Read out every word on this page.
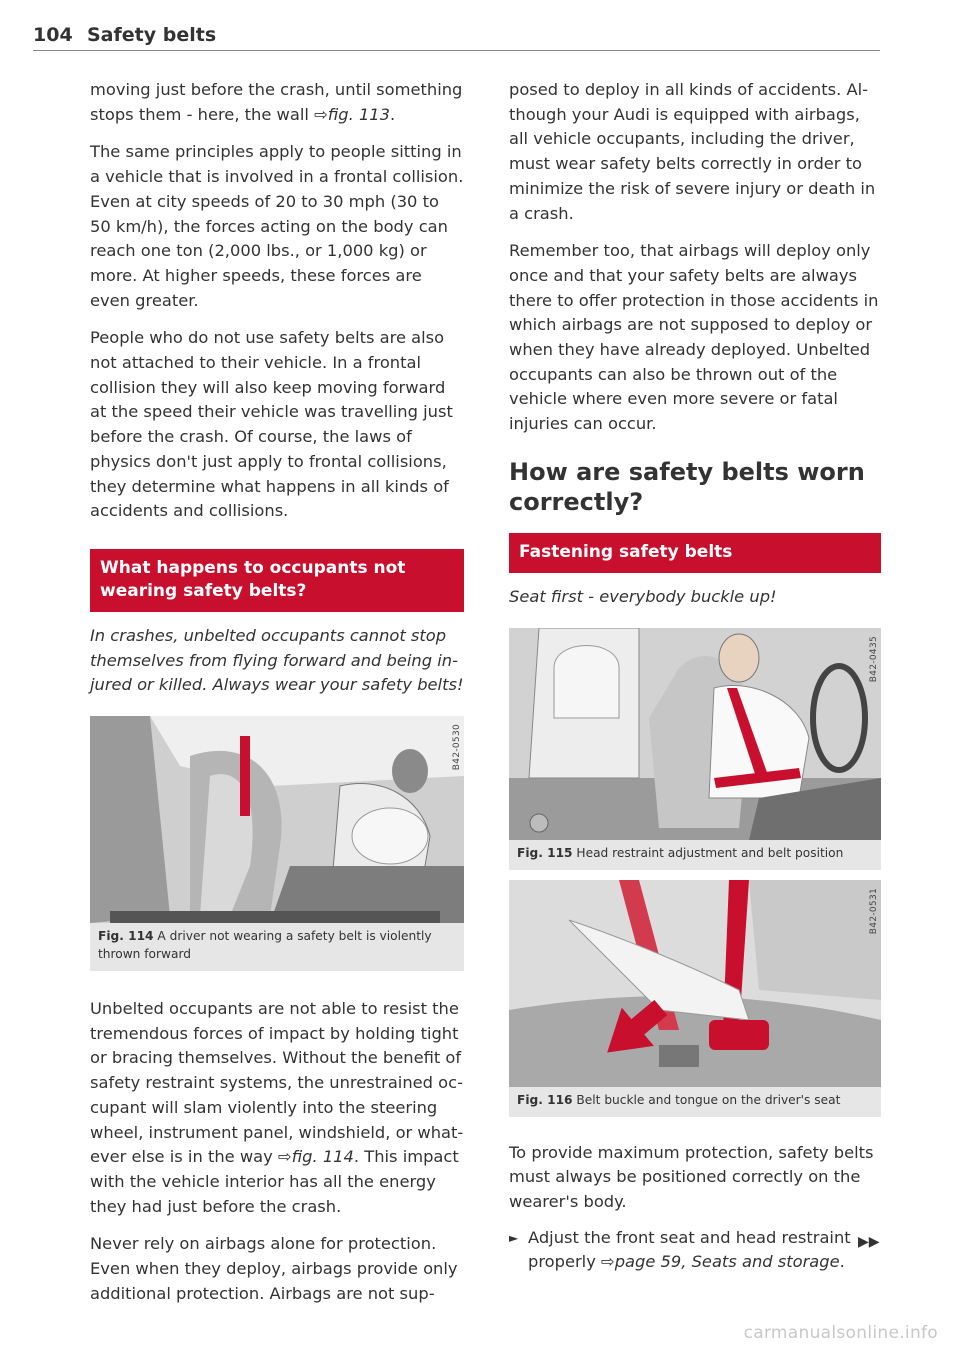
104 Safety belts

moving just before the crash, until something stops them - here, the wall ⇨fig. 113.

The same principles apply to people sitting in a vehicle that is involved in a frontal collision. Even at city speeds of 20 to 30 mph (30 to 50 km/h), the forces acting on the body can reach one ton (2,000 lbs., or 1,000 kg) or more. At higher speeds, these forces are even greater.

People who do not use safety belts are also not attached to their vehicle. In a frontal collision they will also keep moving forward at the speed their vehicle was travelling just before the crash. Of course, the laws of physics don't just apply to frontal collisions, they determine what happens in all kinds of accidents and collisions.

What happens to occupants not wearing safety belts?

In crashes, unbelted occupants cannot stop themselves from flying forward and being injured or killed. Always wear your safety belts!

B42-0530
Fig. 114 A driver not wearing a safety belt is violently thrown forward

Unbelted occupants are not able to resist the tremendous forces of impact by holding tight or bracing themselves. Without the benefit of safety restraint systems, the unrestrained occupant will slam violently into the steering wheel, instrument panel, windshield, or whatever else is in the way ⇨fig. 114. This impact with the vehicle interior has all the energy they had just before the crash.

Never rely on airbags alone for protection. Even when they deploy, airbags provide only additional protection. Airbags are not sup-

posed to deploy in all kinds of accidents. Although your Audi is equipped with airbags, all vehicle occupants, including the driver, must wear safety belts correctly in order to minimize the risk of severe injury or death in a crash.

Remember too, that airbags will deploy only once and that your safety belts are always there to offer protection in those accidents in which airbags are not supposed to deploy or when they have already deployed. Unbelted occupants can also be thrown out of the vehicle where even more severe or fatal injuries can occur.

How are safety belts worn correctly?
Fastening safety belts

Seat first - everybody buckle up!

B42-0435
Fig. 115 Head restraint adjustment and belt position
B42-0531
Fig. 116 Belt buckle and tongue on the driver's seat

To provide maximum protection, safety belts must always be positioned correctly on the wearer's body.

► Adjust the front seat and head restraint properly ⇨page 59, Seats and storage.

▶▶
carmanualsonline.info
